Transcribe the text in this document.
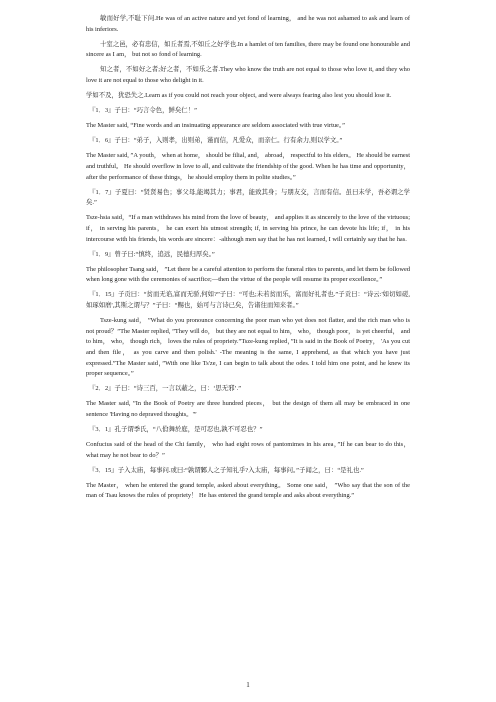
敏而好学,不耻下问.He was of an active nature and yet fond of learning， and he was not ashamed to ask and learn of his inferiors.

十室之邑，必有忠信，如丘者焉,不如丘之好学也.In a hamlet of ten families, there may be found one honourable and sincere as I am， but not so fond of learning.

知之者，不如好之者;好之者，不如乐之者.They who know the truth are not equal to those who love it, and they who love it are not equal to those who delight in it.

学如不及，犹恐失之.Learn as if you could not reach your object, and were always fearing also lest you should lose it.

『1．3』子曰：“巧言令色，鲜矣仁！”

The Master said, “Fine words and an insinuating appearance are seldom associated with true virtue。”

『1．6』子曰：“弟子，入则孝，出则弟，谨而信，凡爱众，而亲仁。行有余力,则以学文。”

The Master said, ”A youth， when at home， should be filial, and， abroad， respectful to his elders。 He should be earnest and truthful。 He should overflow in love to all, and cultivate the friendship of the good. When he has time and opportunity， after the performance of these things， he should employ them in polite studies。”

『1．7』子夏曰：“贤贤易色；事父母,能竭其力；事君，能致其身；与朋友交，言而有信。虽曰未学，吾必谓之学矣.”

Tsze-hsia said，“If a man withdraws his mind from the love of beauty， and applies it as sincerely to the love of the virtuous; if， in serving his parents， he can exert his utmost strength; if, in serving his prince, he can devote his life; if， in his intercourse with his friends, his words are sincere：-although men say that he has not learned, I will certainly say that he has.

『1．9』曾子曰:“慎终，追远，民德归厚矣。”

The philosopher Tsang said， ”Let there be a careful attention to perform the funeral rites to parents, and let them be followed when long gone with the ceremonies of sacrifice;—then the virtue of the people will resume its proper excellence。”

『1．15』子贡曰：“贫而无谄,富而无骄,何如?”子曰：“可也;未若贫而乐，富而好礼者也.”子贡曰：“诗云:'如切如磋,如琢如磨',其斯之谓与？”子曰：“赐也，始可与言诗已矣，告诸往而知来者。”

Tsze-kung said， ”What do you pronounce concerning the poor man who yet does not flatter, and the rich man who is not proud？”The Master replied, ”They will do， but they are not equal to him， who， though poor， is yet cheerful， and to him， who， though rich， loves the rules of propriety.”Tsze-kung replied，”It is said in the Book of Poetry， 'As you cut and then file， as you carve and then polish.' -The meaning is the same, I apprehend, as that which you have just expressed.”The Master said，”With one like Ts'ze, I can begin to talk about the odes. I told him one point, and he knew its proper sequence。”

『2．2』子曰：“诗三百，一言以蔽之，曰：‘思无邪’.”

The Master said, ”In the Book of Poetry are three hundred pieces， but the design of them all may be embraced in one sentence 'Having no depraved thoughts。'”

『3．1』孔子谓季氏，“八佾舞於庭，是可忍也,孰不可忍也？”

Confucius said of the head of the Chi family， who had eight rows of pantomimes in his area，”If he can bear to do this， what may he not bear to do？”

『3．15』子入太庙，每事问.或曰:“孰谓鄹人之子知礼乎?入太庙，每事问。”子闻之，曰：“是礼也.”

The Master， when he entered the grand temple, asked about everything。 Some one said， ”Who say that the son of the man of Tsau knows the rules of propriety！ He has entered the grand temple and asks about everything.”

1
